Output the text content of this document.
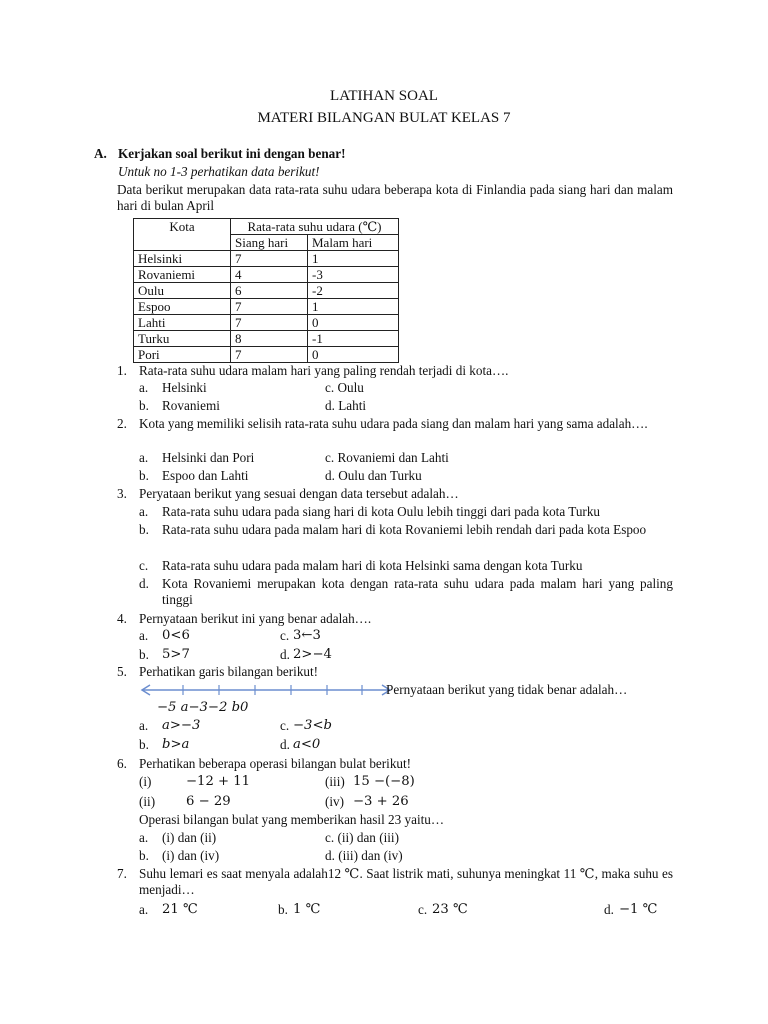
LATIHAN SOAL
MATERI BILANGAN BULAT KELAS 7
A. Kerjakan soal berikut ini dengan benar!
Untuk no 1-3 perhatikan data berikut!
Data berikut merupakan data rata-rata suhu udara beberapa kota di Finlandia pada siang hari dan malam hari di bulan April
Kota	Rata-rata suhu udara (℃)	
	Siang hari	Malam hari
Helsinki	7	1
Rovaniemi	4	-3
Oulu	6	-2
Espoo	7	1
Lahti	7	0
Turku	8	-1
Pori	7	0
1. Rata-rata suhu udara malam hari yang paling rendah terjadi di kota….
a. Helsinki	c. Oulu
b. Rovaniemi	d. Lahti
2. Kota yang memiliki selisih rata-rata suhu udara pada siang dan malam hari yang sama adalah….
a. Helsinki dan Pori	c. Rovaniemi dan Lahti
b. Espoo dan Lahti	d. Oulu dan Turku
3. Peryataan berikut yang sesuai dengan data tersebut adalah…
a. Rata-rata suhu udara pada siang hari di kota Oulu lebih tinggi dari pada kota Turku
b. Rata-rata suhu udara pada malam hari di kota Rovaniemi lebih rendah dari pada kota Espoo
c. Rata-rata suhu udara pada malam hari di kota Helsinki sama dengan kota Turku
d. Kota Rovaniemi merupakan kota dengan rata-rata suhu udara pada malam hari yang paling tinggi
4. Pernyataan berikut ini yang benar adalah….
a. 0<6	c. 3←3
b. 5>7	d. 2>−4
5. Perhatikan garis bilangan berikut!
Pernyataan berikut yang tidak benar adalah…
−5 a−3−2 b0
a. a>−3	c. −3<b
b. b>a	d. a<0
6. Perhatikan beberapa operasi bilangan bulat berikut!
(i)	−12 + 11	(iii) 15 −(−8)
(ii) 6 − 29	(iv) −3 + 26
Operasi bilangan bulat yang memberikan hasil 23 yaitu…
a. (i) dan (ii)	c. (ii) dan (iii)
b. (i) dan (iv)	d. (iii) dan (iv)
7. Suhu lemari es saat menyala adalah12 ℃. Saat listrik mati, suhunya meningkat 11 ℃, maka suhu es menjadi…
a. 21 ℃	b. 1 ℃	c. 23 ℃	d. −1 ℃
